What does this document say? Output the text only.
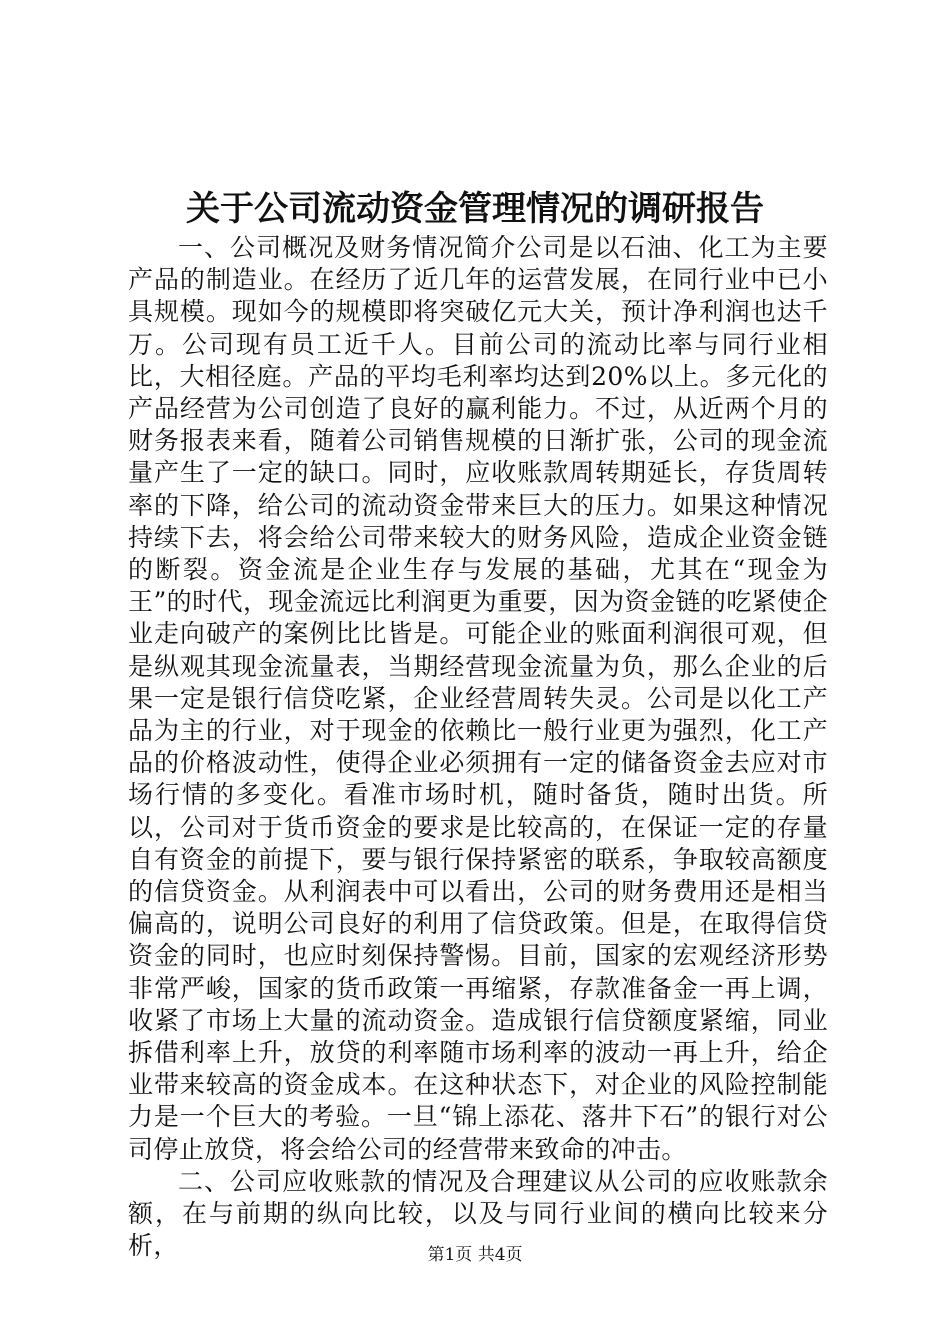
关于公司流动资金管理情况的调研报告

一、公司概况及财务情况简介公司是以石油、化工为主要产品的制造业。在经历了近几年的运营发展，在同行业中已小具规模。现如今的规模即将突破亿元大关，预计净利润也达千万。公司现有员工近千人。目前公司的流动比率与同行业相比，大相径庭。产品的平均毛利率均达到20%以上。多元化的产品经营为公司创造了良好的赢利能力。不过，从近两个月的财务报表来看，随着公司销售规模的日渐扩张，公司的现金流量产生了一定的缺口。同时，应收账款周转期延长，存货周转率的下降，给公司的流动资金带来巨大的压力。如果这种情况持续下去，将会给公司带来较大的财务风险，造成企业资金链的断裂。资金流是企业生存与发展的基础，尤其在“现金为王”的时代，现金流远比利润更为重要，因为资金链的吃紧使企业走向破产的案例比比皆是。可能企业的账面利润很可观，但是纵观其现金流量表，当期经营现金流量为负，那么企业的后果一定是银行信贷吃紧，企业经营周转失灵。公司是以化工产品为主的行业，对于现金的依赖比一般行业更为强烈，化工产品的价格波动性，使得企业必须拥有一定的储备资金去应对市场行情的多变化。看准市场时机，随时备货，随时出货。所以，公司对于货币资金的要求是比较高的，在保证一定的存量自有资金的前提下，要与银行保持紧密的联系，争取较高额度的信贷资金。从利润表中可以看出，公司的财务费用还是相当偏高的，说明公司良好的利用了信贷政策。但是，在取得信贷资金的同时，也应时刻保持警惕。目前，国家的宏观经济形势非常严峻，国家的货币政策一再缩紧，存款准备金一再上调，收紧了市场上大量的流动资金。造成银行信贷额度紧缩，同业拆借利率上升，放贷的利率随市场利率的波动一再上升，给企业带来较高的资金成本。在这种状态下，对企业的风险控制能力是一个巨大的考验。一旦“锦上添花、落井下石”的银行对公司停止放贷，将会给公司的经营带来致命的冲击。

二、公司应收账款的情况及合理建议从公司的应收账款余额，在与前期的纵向比较，以及与同行业间的横向比较来分析，	第1页 共4页
